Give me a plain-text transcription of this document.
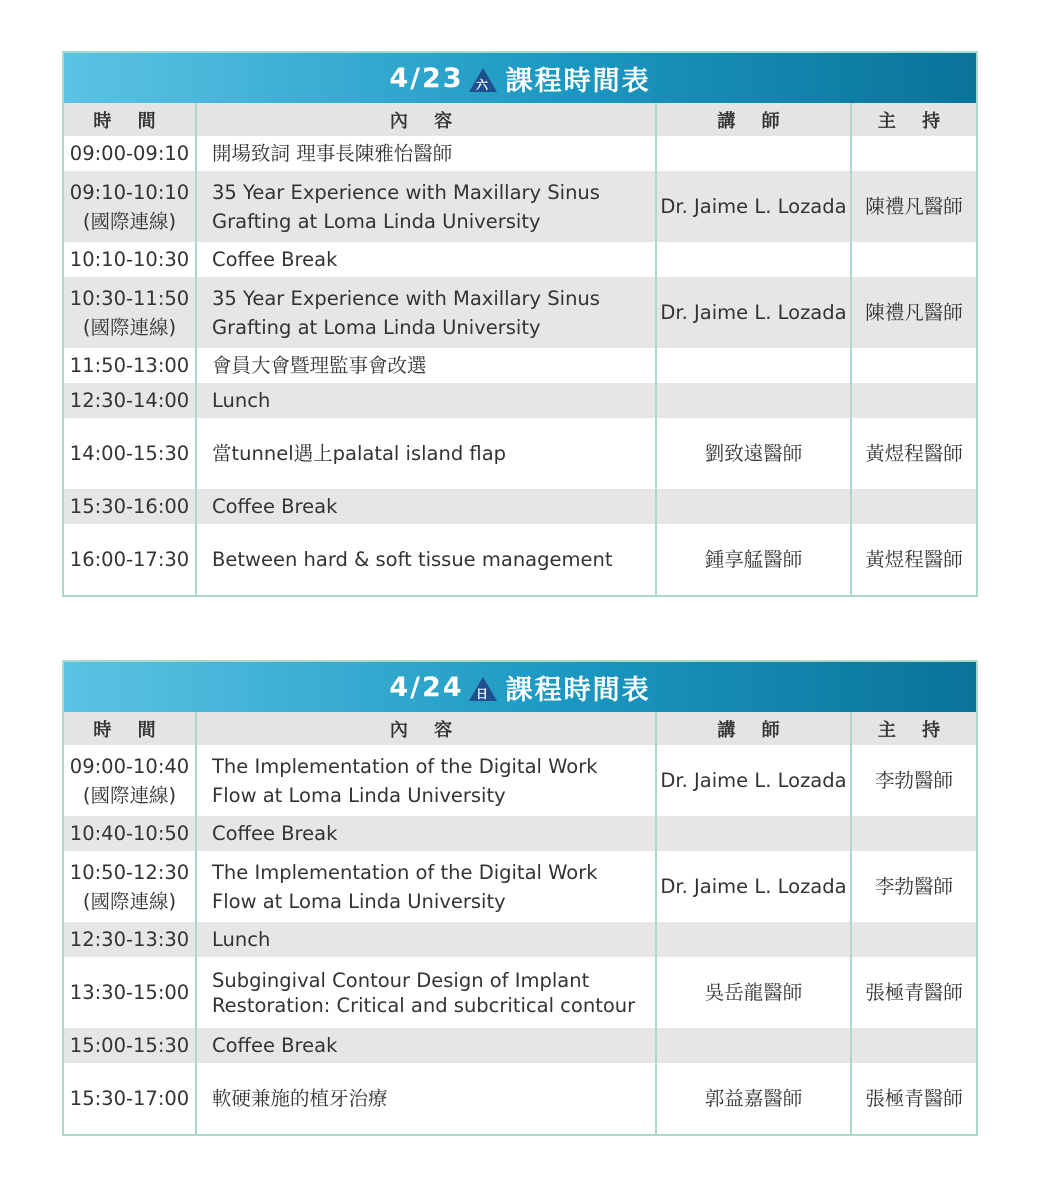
4/23 六 課程時間表
時 間	內 容	講 師	主 持
09:00-09:10	開場致詞 理事長陳雅怡醫師		

09:10-10:10
(國際連線)	35 Year Experience with Maxillary Sinus
Grafting at Loma Linda University	Dr. Jaime L. Lozada	陳禮凡醫師
10:10-10:30	Coffee Break		

10:30-11:50
(國際連線)	35 Year Experience with Maxillary Sinus
Grafting at Loma Linda University	Dr. Jaime L. Lozada	陳禮凡醫師
11:50-13:00	會員大會暨理監事會改選		
12:30-14:00	Lunch		
14:00-15:30	當tunnel遇上palatal island flap	劉致遠醫師	黃煜程醫師
15:30-16:00	Coffee Break		
16:00-17:30	Between hard & soft tissue management	鍾享艋醫師	黃煜程醫師
4/24 日 課程時間表
時 間	內 容	講 師	主 持

09:00-10:40
(國際連線)	The Implementation of the Digital Work
Flow at Loma Linda University	Dr. Jaime L. Lozada	李勃醫師
10:40-10:50	Coffee Break		

10:50-12:30
(國際連線)	The Implementation of the Digital Work
Flow at Loma Linda University	Dr. Jaime L. Lozada	李勃醫師
12:30-13:30	Lunch		
13:30-15:00	Subgingival Contour Design of Implant
Restoration: Critical and subcritical contour	吳岳龍醫師	張極青醫師
15:00-15:30	Coffee Break		
15:30-17:00	軟硬兼施的植牙治療	郭益嘉醫師	張極青醫師
